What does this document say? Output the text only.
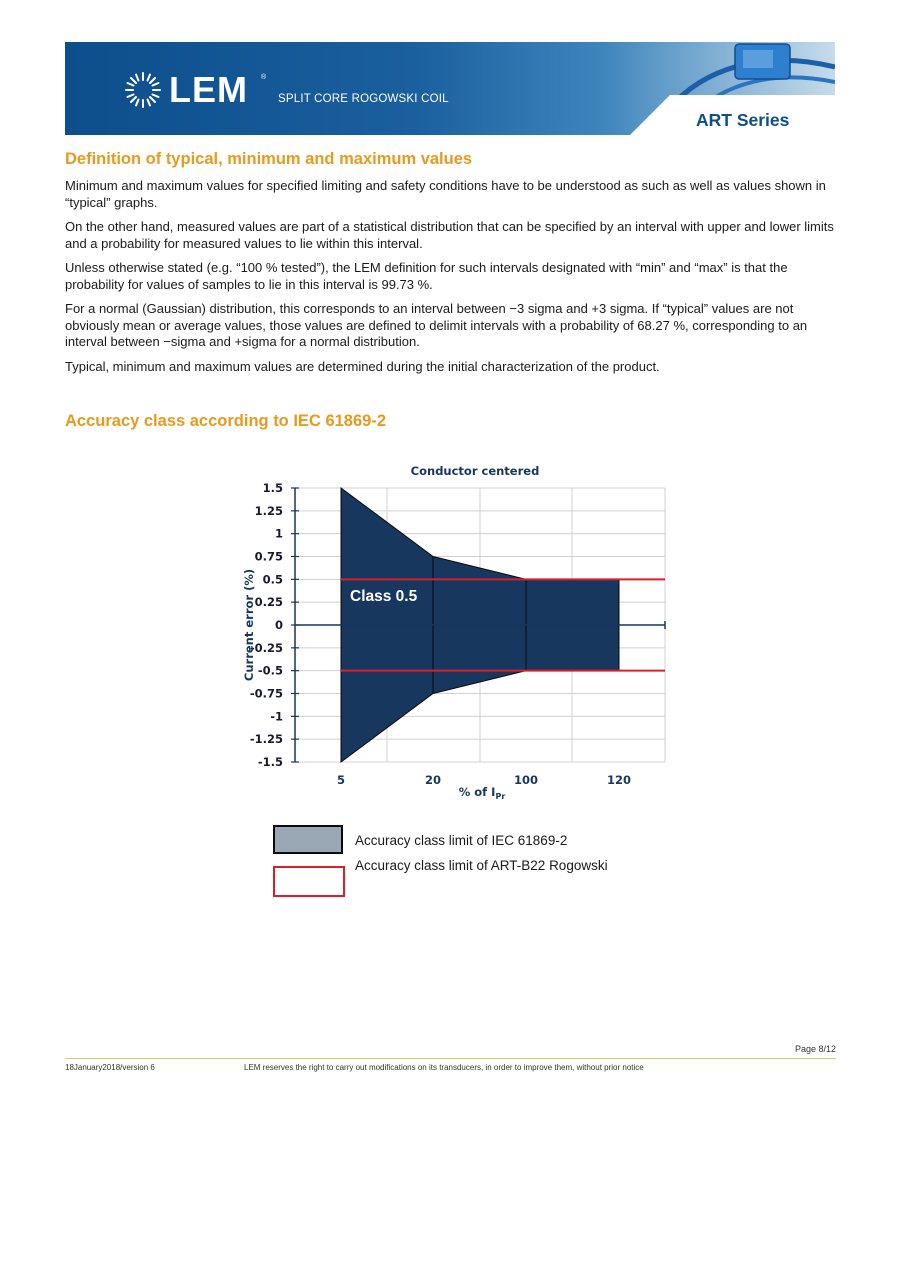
LEM ®
SPLIT CORE ROGOWSKI COIL
ART Series
Definition of typical, minimum and maximum values

Minimum and maximum values for specified limiting and safety conditions have to be understood as such as well as values shown in “typical” graphs.

On the other hand, measured values are part of a statistical distribution that can be specified by an interval with upper and lower limits and a probability for measured values to lie within this interval.

Unless otherwise stated (e.g. “100 % tested”), the LEM definition for such intervals designated with “min” and “max” is that the probability for values of samples to lie in this interval is 99.73 %.

For a normal (Gaussian) distribution, this corresponds to an interval between −3 sigma and +3 sigma. If “typical” values are not obviously mean or average values, those values are defined to delimit intervals with a probability of 68.27 %, corresponding to an interval between −sigma and +sigma for a normal distribution.

Typical, minimum and maximum values are determined during the initial characterization of the product.

Accuracy class according to IEC 61869-2
1.5
1.25
1
0.75
0.5
0.25
0
-0.25
-0.5
-0.75
-1
-1.25
-1.5
5	20	100	120
Conductor centered
% of $I_{Pr}$
Current error (%)	Class 0.5
Accuracy class limit of IEC 61869-2
Accuracy class limit of ART-B22 Rogowski
Page 8/12
18January2018/version 6	LEM reserves the right to carry out modifications on its transducers, in order to improve them, without prior notice
